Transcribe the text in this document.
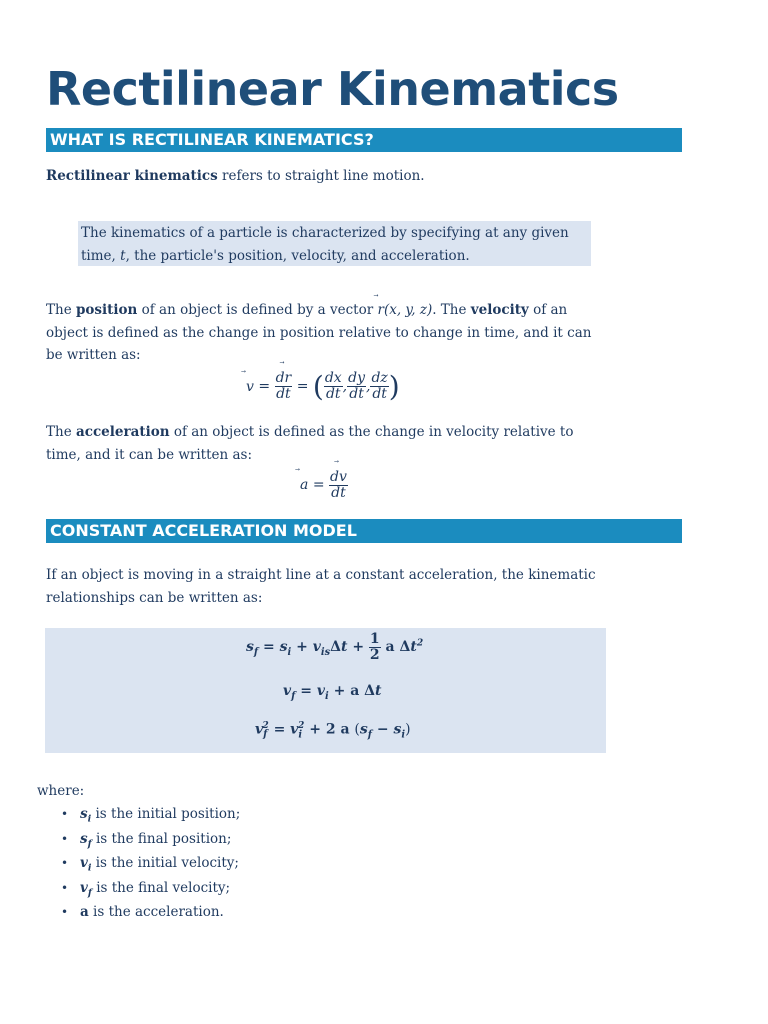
Rectilinear Kinematics
WHAT IS RECTILINEAR KINEMATICS?

Rectilinear kinematics refers to straight line motion.

The kinematics of a particle is characterized by specifying at any given

time, t, the particle's position, velocity, and acceleration.

The position of an object is defined by a vector
r(x, y, z). The velocity of an

object is defined as the change in position relative to change in time, and it can

be written as:

v = d
r
dt = ( $\frac{dx}{dt}$ , $\frac{dy}{dt}$ , $\frac{dz}{dt}$ )

The acceleration of an object is defined as the change in velocity relative to

time, and it can be written as:

a = d
v
dt
CONSTANT ACCELERATION MODEL

If an object is moving in a straight line at a constant acceleration, the kinematic

relationships can be written as:

$s_f = s_i + v_{is}\Delta t + \frac{1}{2}$ a $\Delta t^2$
$v_f = v_i + a$ Δt
$v_f^2 = v_i^2 + 2$ a $(s_f - s_i)$

where:

• $s_i$ is the initial position;
• $s_f$ is the final position;
• $v_i$ is the initial velocity;
• $v_f$ is the final velocity;
• a is the acceleration.
